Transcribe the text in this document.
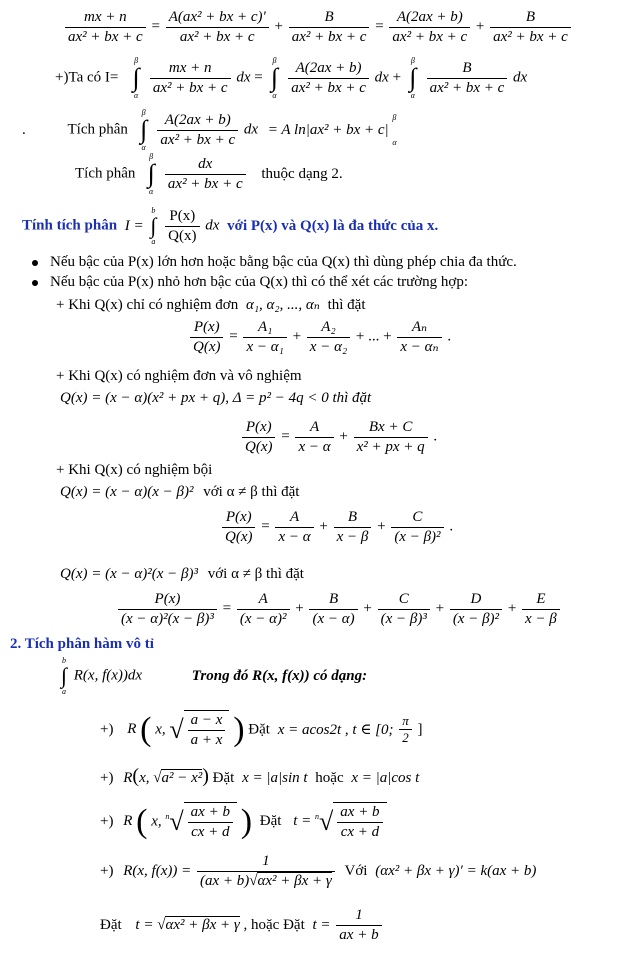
$\frac{mx + n}{\text{ax² + bx + c}} = \frac{\text{A(ax² + bx + c)'}}{\text{ax² + bx + c}} + \frac{B}{\text{ax² + bx + c}} = \frac{A(2ax + b)}{\text{ax² + bx + c}} + \frac{B}{\text{ax² + bx + c}}$
+)Ta có I=
β
∫
α
$\frac{mx + n}{\text{ax² + bx + c}}$ dx =
β
∫
α
$\frac{A(2ax + b)}{\text{ax² + bx + c}}$ dx +
β
∫
α
$\frac{B}{\text{ax² + bx + c}}$ dx
.	Tích phân
β
∫
α
$\frac{A(2ax + b)}{\text{ax² + bx + c}}$ dx = A ln|ax² + bx + c|
β

α
Tích phân
β
∫
α
$\frac{dx}{\text{ax² + bx + c}}$ thuộc dạng 2.
Tính tích phân I =
b
∫
a
$\frac{P(x)}{Q(x)}$ dx với P(x) và Q(x) là đa thức của x.
Nếu bậc của P(x) lớn hơn hoặc bằng bậc của Q(x) thì dùng phép chia đa thức.
Nếu bậc của P(x) nhỏ hơn bậc của Q(x) thì có thể xét các trường hợp:
+ Khi Q(x) chỉ có nghiệm đơn α₁, α₂, ..., αₙ thì đặt
$\frac{P(x)}{Q(x)} = \frac{\text{A₁}}{\text{x − α₁}} + \frac{\text{A₂}}{\text{x − α₂}}$ + ... + $\frac{\text{Aₙ}}{\text{x − αₙ}}$ .
+ Khi Q(x) có nghiệm đơn và vô nghiệm
Q(x) = (x − α)(x² + px + q), Δ = p² − 4q < 0 thì đặt
$\frac{P(x)}{Q(x)} = \frac{A}{x - \alpha} + \frac{Bx + C}{\text{x² + px + q}}$ .
+ Khi Q(x) có nghiệm bội
Q(x) = (x − α)(x − β)² với α ≠ β thì đặt
$\frac{P(x)}{Q(x)} = \frac{A}{x - \alpha} + \frac{B}{x - \beta} + \frac{C}{\text{(x − β)²}}$ .
Q(x) = (x − α)²(x − β)³ với α ≠ β thì đặt
$\frac{P(x)}{\text{(x − α)²(x − β)³}} = \frac{A}{\text{(x − α)²}} + \frac{B}{(x - \alpha)} + \frac{C}{\text{(x − β)³}} + \frac{D}{\text{(x − β)²}} + \frac{E}{x - \beta}$
2. Tích phân hàm vô tỉ
b
∫
a
R(x, f(x))dx	Trong đó R(x, f(x)) có dạng:
+) R ( x, √ $\frac{a - x}{a + x}$ ) Đặt x = acos2t , t ∈ [0; $\frac{\pi}{2}$ ]
+) R(x, √a² − x²) Đặt x = |a|sin t hoặc x = |a|cos t
+) R ( x, $^n√ \frac{ax + b}{cx + d}$ ) Đặt $t = ^n√ \frac{ax + b}{cx + d}$
+) R(x, $f(x)) = \frac{1}{\text{(ax + b)√αx² + βx + γ}}$ Với (αx² + βx + γ)′ = k(ax + b)
Đặt t = √αx² + βx + γ , hoặc Đặt $t = \frac{1}{ax + b}$
